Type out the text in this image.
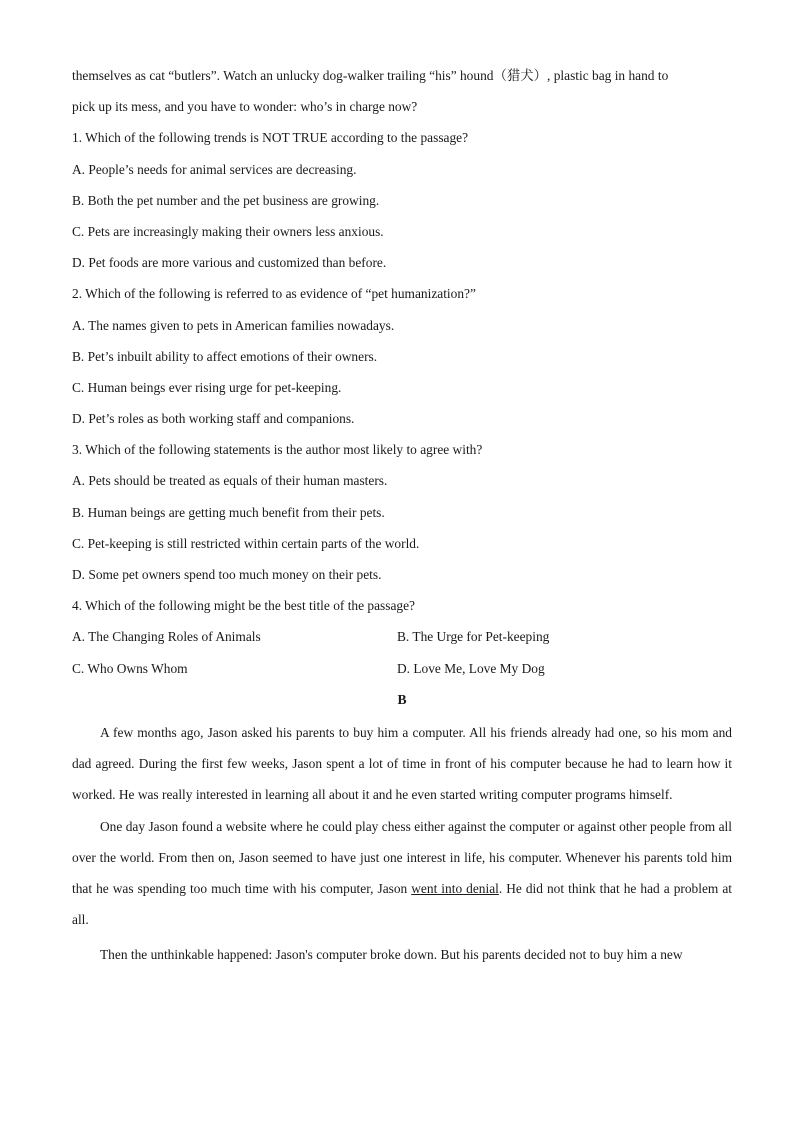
themselves as cat “butlers”. Watch an unlucky dog-walker trailing “his” hound（猎犬）, plastic bag in hand to
pick up its mess, and you have to wonder: who’s in charge now?
1. Which of the following trends is NOT TRUE according to the passage?
A. People’s needs for animal services are decreasing.
B. Both the pet number and the pet business are growing.
C. Pets are increasingly making their owners less anxious.
D. Pet foods are more various and customized than before.
2. Which of the following is referred to as evidence of “pet humanization?”
A. The names given to pets in American families nowadays.
B. Pet’s inbuilt ability to affect emotions of their owners.
C. Human beings ever rising urge for pet-keeping.
D. Pet’s roles as both working staff and companions.
3. Which of the following statements is the author most likely to agree with?
A. Pets should be treated as equals of their human masters.
B. Human beings are getting much benefit from their pets.
C. Pet-keeping is still restricted within certain parts of the world.
D. Some pet owners spend too much money on their pets.
4. Which of the following might be the best title of the passage?
A. The Changing Roles of Animals	B. The Urge for Pet-keeping
C. Who Owns Whom	D. Love Me, Love My Dog
B

A few months ago, Jason asked his parents to buy him a computer. All his friends already had one, so his mom and dad agreed. During the first few weeks, Jason spent a lot of time in front of his computer because he had to learn how it worked. He was really interested in learning all about it and he even started writing computer programs himself.

One day Jason found a website where he could play chess either against the computer or against other people from all over the world. From then on, Jason seemed to have just one interest in life, his computer. Whenever his parents told him that he was spending too much time with his computer, Jason went into denial. He did not think that he had a problem at all.

Then the unthinkable happened: Jason's computer broke down. But his parents decided not to buy him a new
